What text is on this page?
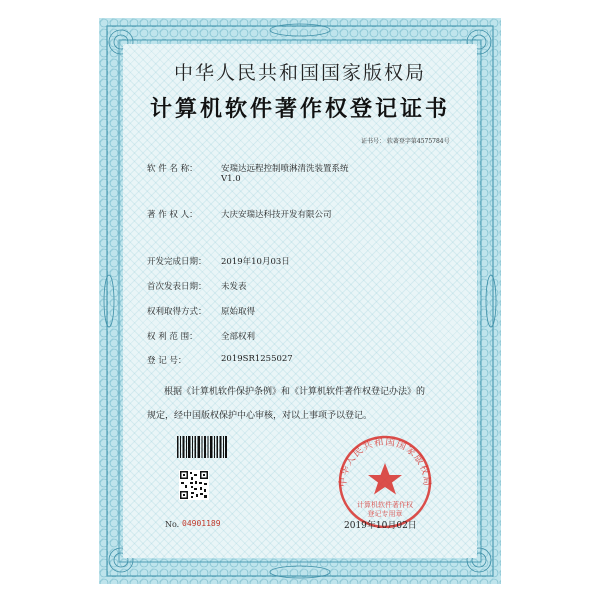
中华人民共和国国家版权局
计算机软件著作权登记证书
证书号： 软著登字第4575784号
软 件 名 称：	安瑞达远程控制喷淋清洗装置系统
V1.0
著 作 权 人：	大庆安瑞达科技开发有限公司
开发完成日期： 2019年10月03日
首次发表日期： 未发表
权利取得方式： 原始取得
权 利 范 围：	全部权利
登 记 号：	2019SR1255027
根据《计算机软件保护条例》和《计算机软件著作权登记办法》的
规定，经中国版权保护中心审核，对以上事项予以登记。
No. 04901189
中华人民共和国国家版权局
计算机软件著作权
登记专用章
2019年10月02日
